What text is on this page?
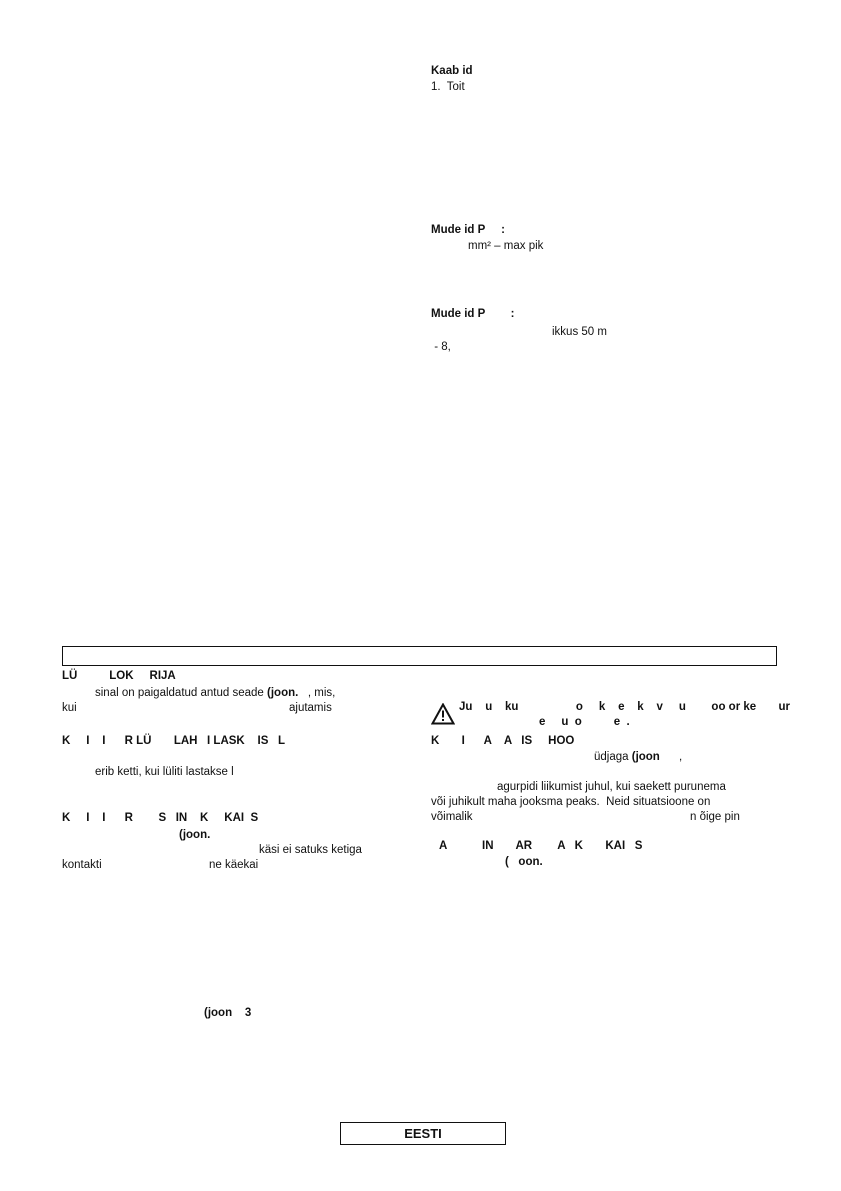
Kaab id
1.  Toit
Mude id P     :
mm² – max pik
Mude id P        :
ikkus 50 m
- 8,
LÜ          LOK     RIJA
sinal on paigaldatud antud seade (joon.   , mis,
kui	ajutamis
K     I    I      R LÜ       LAH   I LASK    IS   L
erib ketti, kui lüliti lastakse l
K     I    I      R        S   IN    K     KAI  S
(joon.
käsi ei satuks ketiga
kontakti	ne käekai
(joon    3
Ju    u    ku                  o     k    e    k    v     u        oo or ke       ur
e     u  o          e  .
K       I      A    A   IS     HOO
üdjaga (joon      ,
agurpidi liikumist juhul, kui saekett purunema
või juhikult maha jooksma peaks.  Neid situatsioone on
võimalik	n õige pin
A           IN       AR        A   K       KAI   S
(   oon.
EESTI
